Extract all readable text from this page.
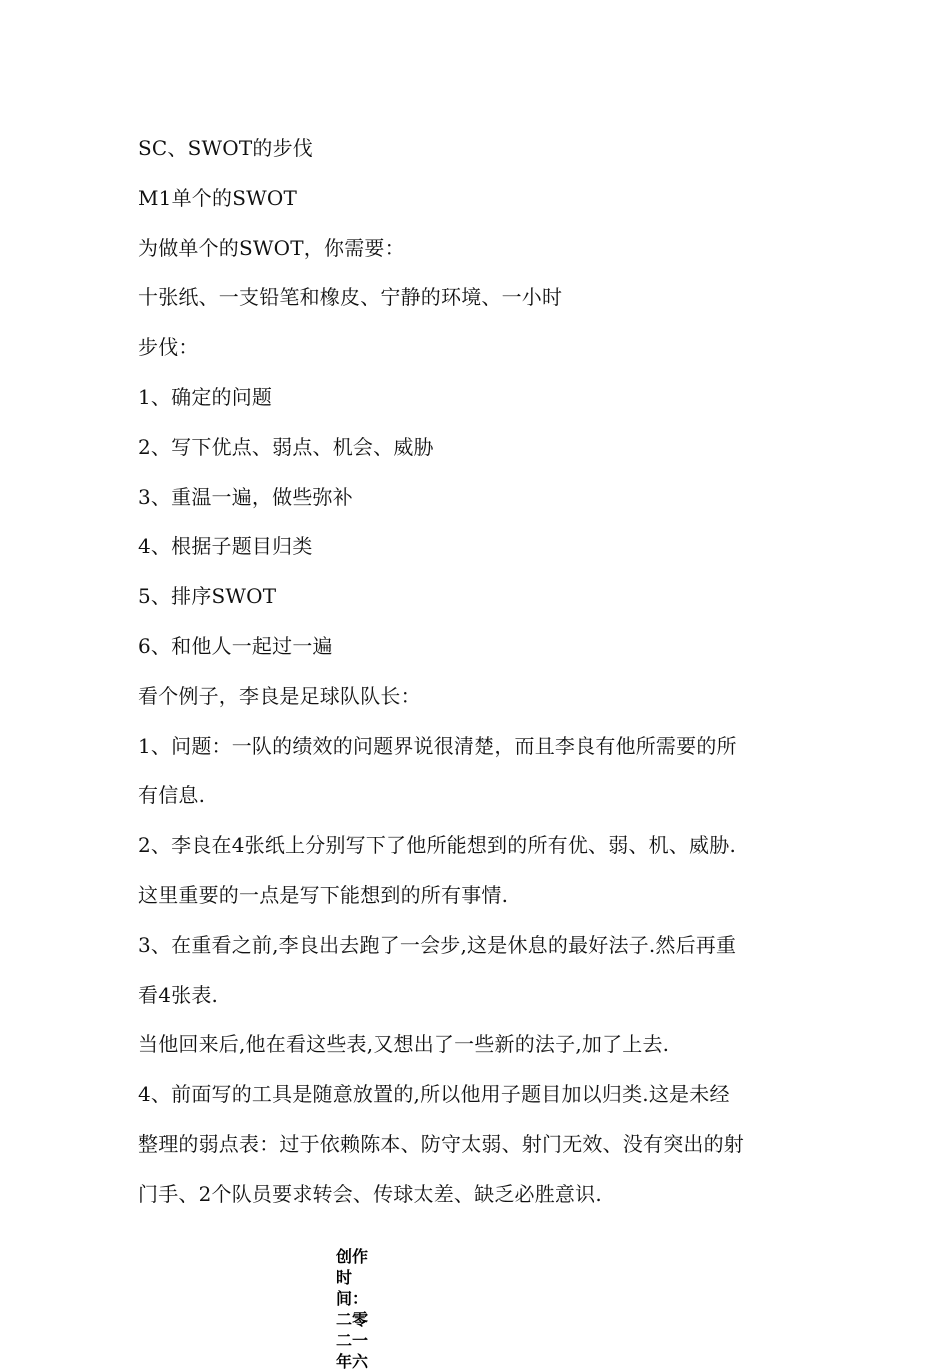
SC、SWOT的步伐
M1单个的SWOT
为做单个的SWOT，你需要：
十张纸、一支铅笔和橡皮、宁静的环境、一小时
步伐：
1、确定的问题
2、写下优点、弱点、机会、威胁
3、重温一遍，做些弥补
4、根据子题目归类
5、排序SWOT
6、和他人一起过一遍
看个例子，李良是足球队队长：
1、问题：一队的绩效的问题界说很清楚，而且李良有他所需要的所
有信息.
2、李良在4张纸上分别写下了他所能想到的所有优、弱、机、威胁.
这里重要的一点是写下能想到的所有事情.
3、在重看之前,李良出去跑了一会步,这是休息的最好法子.然后再重
看4张表.
当他回来后,他在看这些表,又想出了一些新的法子,加了上去.
4、前面写的工具是随意放置的,所以他用子题目加以归类.这是未经
整理的弱点表：过于依赖陈本、防守太弱、射门无效、没有突出的射
门手、2个队员要求转会、传球太差、缺乏必胜意识.
创作
时间：
二零
二一
年六
